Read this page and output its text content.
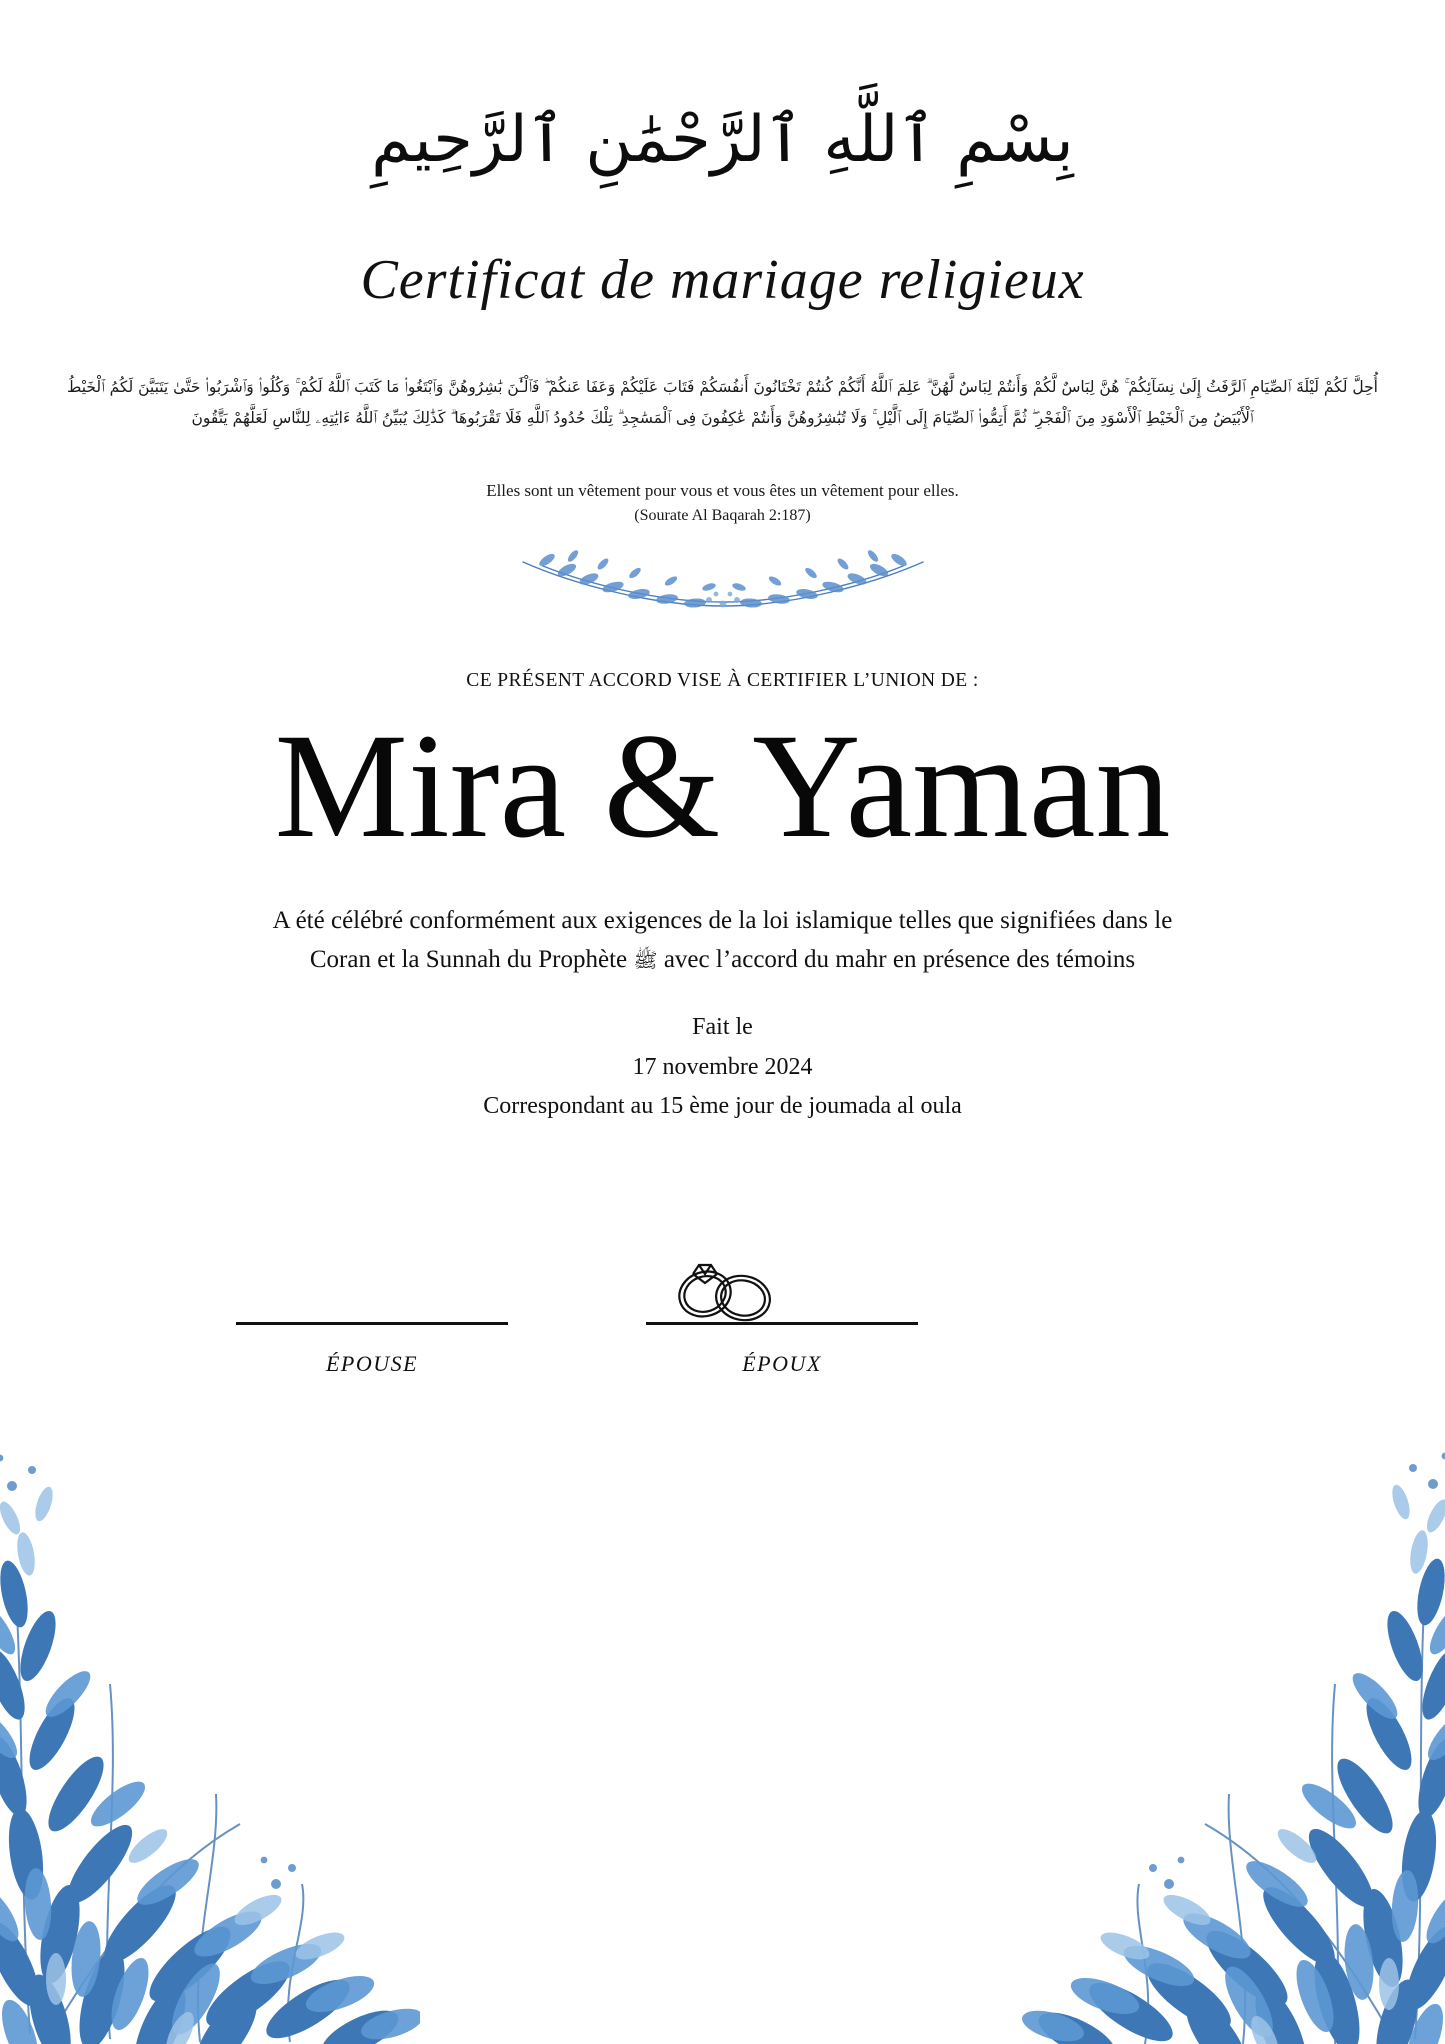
بِسْمِ ٱللَّهِ ٱلرَّحْمَٰنِ ٱلرَّحِيمِ
Certificat de mariage religieux
أُحِلَّ لَكُمْ لَيْلَةَ ٱلصِّيَامِ ٱلرَّفَثُ إِلَىٰ نِسَآئِكُمْ ۚ هُنَّ لِبَاسٌ لَّكُمْ وَأَنتُمْ لِبَاسٌ لَّهُنَّ ۗ عَلِمَ ٱللَّهُ أَنَّكُمْ كُنتُمْ تَخْتَانُونَ أَنفُسَكُمْ فَتَابَ عَلَيْكُمْ وَعَفَا عَنكُمْ ۖ فَٱلْـَٰٔنَ بَٰشِرُوهُنَّ وَٱبْتَغُوا۟ مَا كَتَبَ ٱللَّهُ لَكُمْ ۚ وَكُلُوا۟ وَٱشْرَبُوا۟ حَتَّىٰ يَتَبَيَّنَ لَكُمُ ٱلْخَيْطُ ٱلْأَبْيَضُ مِنَ ٱلْخَيْطِ ٱلْأَسْوَدِ مِنَ ٱلْفَجْرِ ۖ ثُمَّ أَتِمُّوا۟ ٱلصِّيَامَ إِلَى ٱلَّيْلِ ۚ وَلَا تُبَٰشِرُوهُنَّ وَأَنتُمْ عَٰكِفُونَ فِى ٱلْمَسَٰجِدِ ۗ تِلْكَ حُدُودُ ٱللَّهِ فَلَا تَقْرَبُوهَا ۗ كَذَٰلِكَ يُبَيِّنُ ٱللَّهُ ءَايَٰتِهِۦ لِلنَّاسِ لَعَلَّهُمْ يَتَّقُونَ
Elles sont un vêtement pour vous et vous êtes un vêtement pour elles.
(Sourate Al Baqarah 2:187)
CE PRÉSENT ACCORD VISE À CERTIFIER L’UNION DE :
Mira & Yaman
A été célébré conformément aux exigences de la loi islamique telles que signifiées dans le
Coran et la Sunnah du Prophète ﷺ avec l’accord du mahr en présence des témoins
Fait le
17 novembre 2024
Correspondant au 15 ème jour de joumada al oula
ÉPOUSE	ÉPOUX
